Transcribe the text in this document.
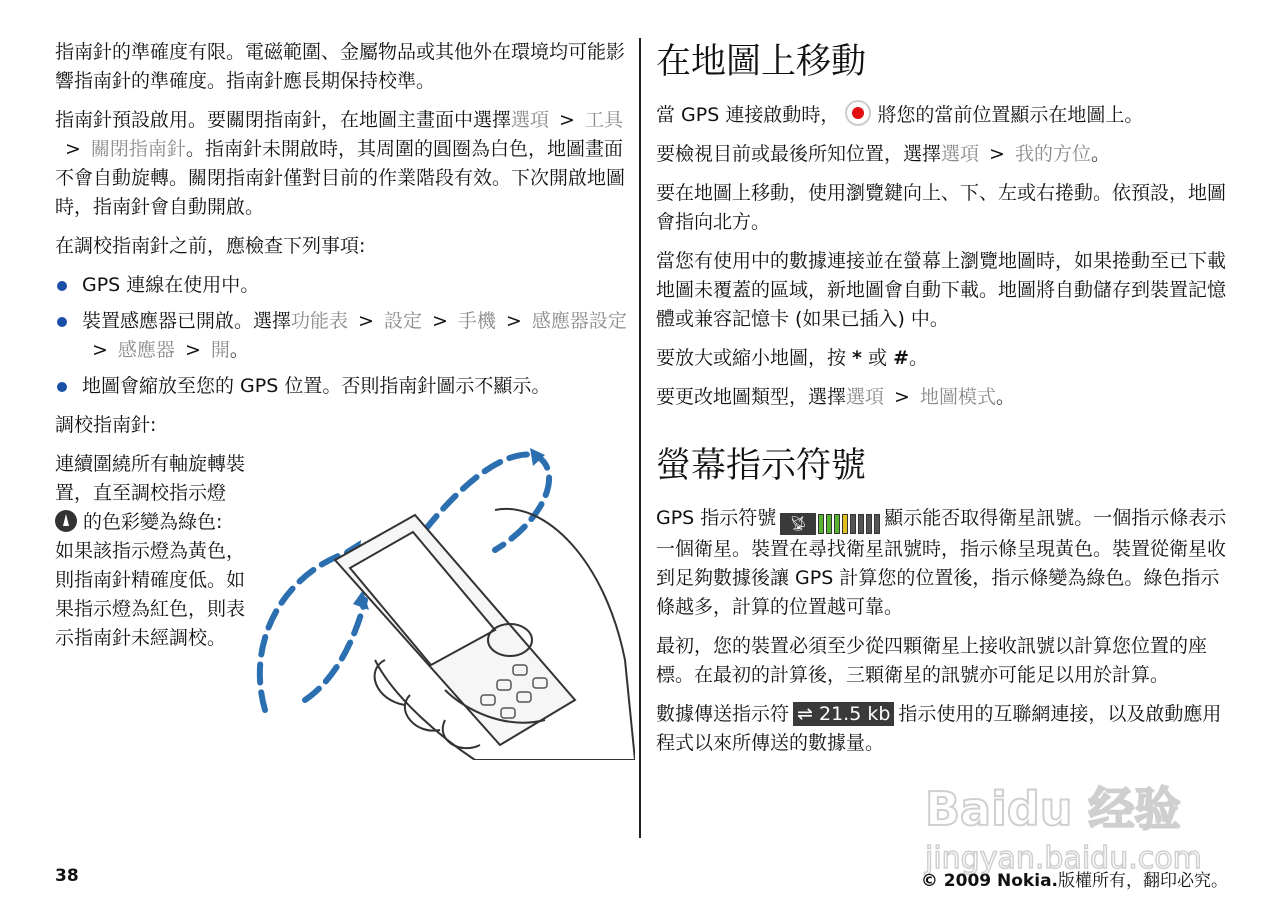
指南針的準確度有限。電磁範圍、金屬物品或其他外在環境均可能影響指南針的準確度。指南針應長期保持校準。

指南針預設啟用。要關閉指南針，在地圖主畫面中選擇選項 > 工具> 關閉指南針。指南針未開啟時，其周圍的圓圈為白色，地圖畫面不會自動旋轉。關閉指南針僅對目前的作業階段有效。下次開啟地圖時，指南針會自動開啟。

在調校指南針之前，應檢查下列事項:

GPS 連線在使用中。
裝置感應器已開啟。選擇功能表 > 設定 > 手機 > 感應器設定> 感應器 > 開。
地圖會縮放至您的 GPS 位置。否則指南針圖示不顯示。

調校指南針:

連續圍繞所有軸旋轉裝置，直至調校指示燈  的色彩變為綠色: 如果該指示燈為黃色，則指南針精確度低。如果指示燈為紅色，則表示指南針未經調校。
在地圖上移動

當 GPS 連接啟動時， 將您的當前位置顯示在地圖上。

要檢視目前或最後所知位置，選擇選項 > 我的方位。

要在地圖上移動，使用瀏覽鍵向上、下、左或右捲動。依預設，地圖會指向北方。

當您有使用中的數據連接並在螢幕上瀏覽地圖時，如果捲動至已下載地圖未覆蓋的區域，新地圖會自動下載。地圖將自動儲存到裝置記憶體或兼容記憶卡 (如果已插入) 中。

要放大或縮小地圖，按 * 或 #。

要更改地圖類型，選擇選項 > 地圖模式。

螢幕指示符號

GPS 指示符號 📡︎	顯示能否取得衛星訊號。一個指示條表示一個衛星。裝置在尋找衛星訊號時，指示條呈現黃色。裝置從衛星收到足夠數據後讓 GPS 計算您的位置後，指示條變為綠色。綠色指示條越多，計算的位置越可靠。

最初，您的裝置必須至少從四顆衛星上接收訊號以計算您位置的座標。在最初的計算後，三顆衛星的訊號亦可能足以用於計算。

數據傳送指示符 ⇌ 21.5 kb 指示使用的互聯網連接，以及啟動應用程式以來所傳送的數據量。

38	© 2009 Nokia.版權所有，翻印必究。
Baidu 经验
jingyan.baidu.com
